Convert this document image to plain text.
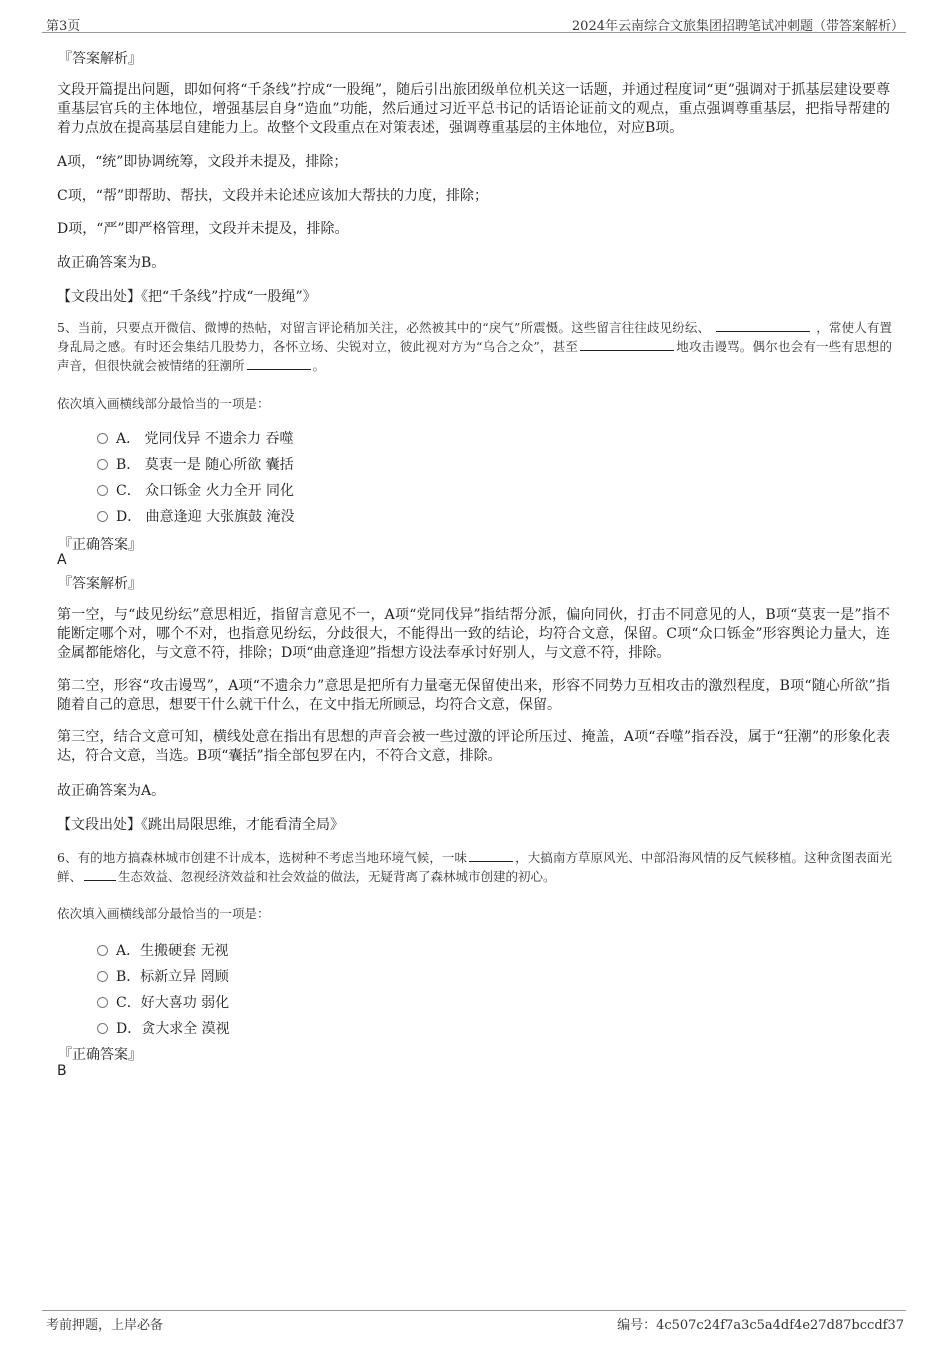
第3页	2024年云南综合文旅集团招聘笔试冲刺题（带答案解析）
『答案解析』
文段开篇提出问题，即如何将“千条线”拧成“一股绳”，随后引出旅团级单位机关这一话题，并通过程度词“更”强调对于抓基层建设要尊重基层官兵的主体地位，增强基层自身“造血”功能，然后通过习近平总书记的话语论证前文的观点，重点强调尊重基层，把指导帮建的着力点放在提高基层自建能力上。故整个文段重点在对策表述，强调尊重基层的主体地位，对应B项。
A项，“统”即协调统筹，文段并未提及，排除；
C项，“帮”即帮助、帮扶，文段并未论述应该加大帮扶的力度，排除；
D项，“严”即严格管理，文段并未提及，排除。
故正确答案为B。
【文段出处】《把“千条线”拧成“一股绳”》
5、当前，只要点开微信、微博的热帖，对留言评论稍加关注，必然被其中的“戾气”所震慑。这些留言往往歧见纷纭、	，常使人有置身乱局之感。有时还会集结几股势力，各怀立场、尖锐对立，彼此视对方为“乌合之众”，甚至	地攻击谩骂。偶尔也会有一些有思想的声音，但很快就会被情绪的狂潮所	。
依次填入画横线部分最恰当的一项是：
A． 党同伐异 不遗余力 吞噬
B． 莫衷一是 随心所欲 囊括
C． 众口铄金 火力全开 同化
D． 曲意逢迎 大张旗鼓 淹没
『正确答案』
A
『答案解析』
第一空，与“歧见纷纭”意思相近，指留言意见不一，A项“党同伐异”指结帮分派，偏向同伙，打击不同意见的人，B项“莫衷一是”指不能断定哪个对，哪个不对，也指意见纷纭，分歧很大，不能得出一致的结论，均符合文意，保留。C项“众口铄金”形容舆论力量大，连金属都能熔化，与文意不符，排除；D项“曲意逢迎”指想方设法奉承讨好别人，与文意不符，排除。
第二空，形容“攻击谩骂”，A项“不遗余力”意思是把所有力量毫无保留使出来，形容不同势力互相攻击的激烈程度，B项“随心所欲”指随着自己的意思，想要干什么就干什么，在文中指无所顾忌，均符合文意，保留。
第三空，结合文意可知，横线处意在指出有思想的声音会被一些过激的评论所压过、掩盖，A项“吞噬”指吞没，属于“狂潮”的形象化表达，符合文意，当选。B项“囊括”指全部包罗在内，不符合文意，排除。
故正确答案为A。
【文段出处】《跳出局限思维，才能看清全局》
6、有的地方搞森林城市创建不计成本，选树种不考虑当地环境气候，一味	，大搞南方草原风光、中部沿海风情的反气候移植。这种贪图表面光鲜、	生态效益、忽视经济效益和社会效益的做法，无疑背离了森林城市创建的初心。
依次填入画横线部分最恰当的一项是：
A．生搬硬套 无视
B．标新立异 罔顾
C．好大喜功 弱化
D．贪大求全 漠视
『正确答案』
B
考前押题，上岸必备	编号：4c507c24f7a3c5a4df4e27d87bccdf37
